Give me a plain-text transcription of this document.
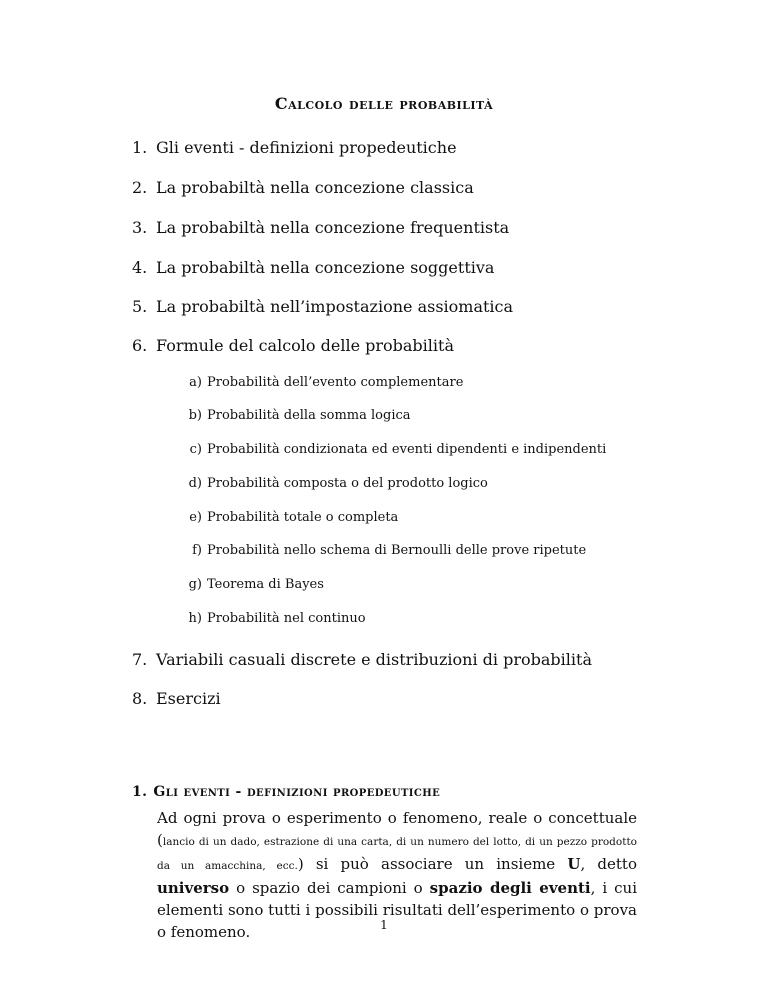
Calcolo delle probabilità
1. Gli eventi - definizioni propedeutiche
2. La probabiltà nella concezione classica
3. La probabiltà nella concezione frequentista
4. La probabiltà nella concezione soggettiva
5. La probabiltà nell’impostazione assiomatica
6. Formule del calcolo delle probabilità
a) Probabilità dell’evento complementare
b) Probabilità della somma logica
c) Probabilità condizionata ed eventi dipendenti e indipendenti
d) Probabilità composta o del prodotto logico
e) Probabilità totale o completa
f) Probabilità nello schema di Bernoulli delle prove ripetute
g) Teorema di Bayes
h) Probabilità nel continuo
7. Variabili casuali discrete e distribuzioni di probabilità
8. Esercizi
1. Gli eventi - definizioni propedeutiche
Ad ogni prova o esperimento o fenomeno, reale o concettuale (lancio di un dado, estrazione di una carta, di un numero del lotto, di un pezzo prodotto da un amacchina, ecc.) si può associare un insieme U, detto universo o spazio dei campioni o spazio degli eventi, i cui elementi sono tutti i possibili risultati dell’esperimento o prova o fenomeno.	1
